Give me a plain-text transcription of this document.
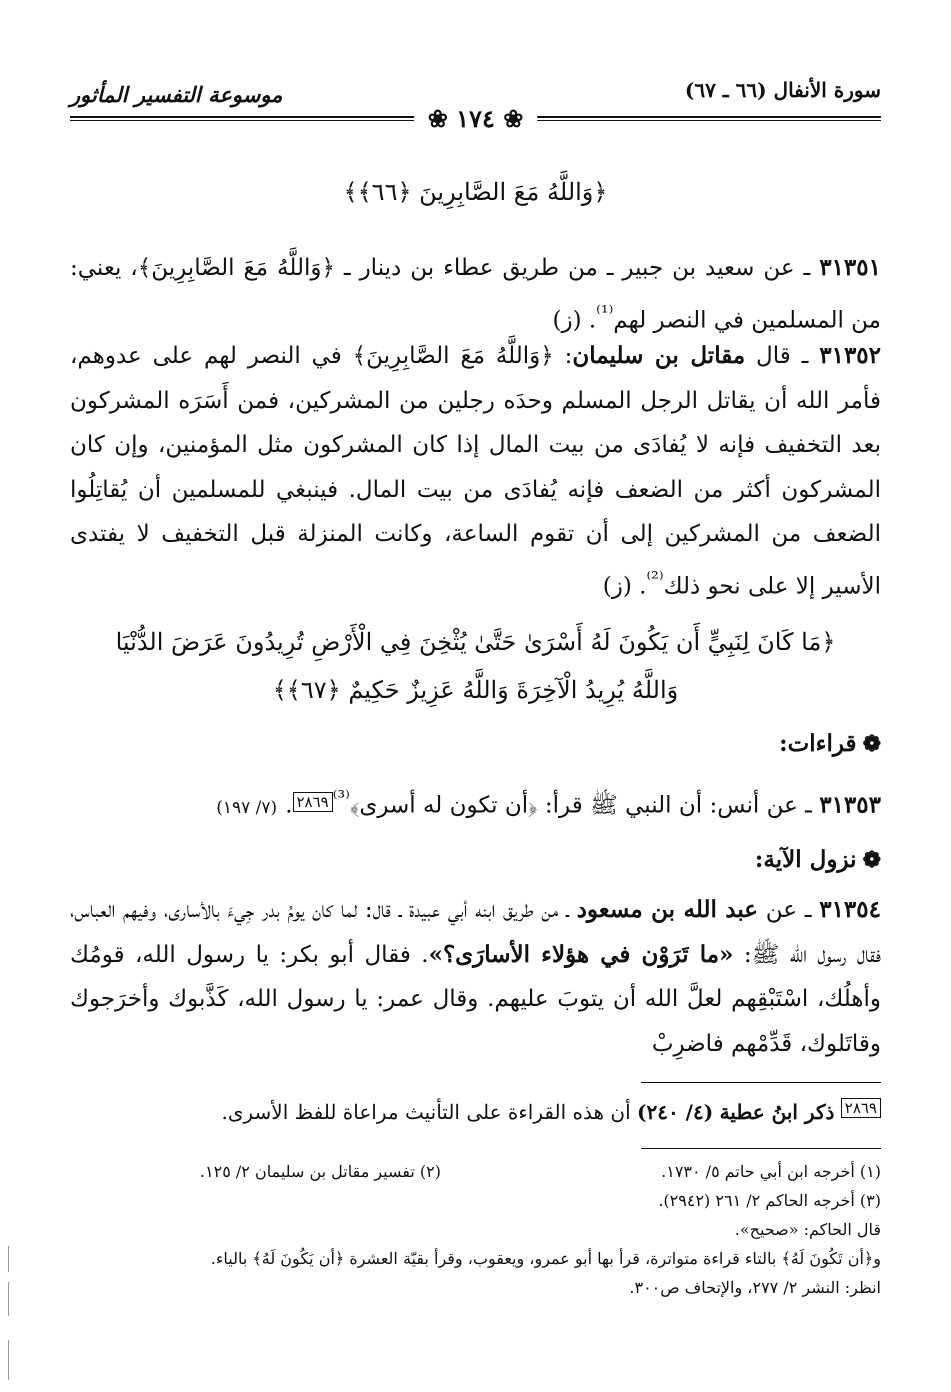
سورة الأنفال (٦٦ ـ ٦٧)
موسوعة التفسير المأثور
❀ ١٧٤ ❀
﴿وَاللَّهُ مَعَ الصَّابِرِينَ ﴿٦٦﴾﴾
٣١٣٥١ ـ عن سعيد بن جبير ـ من طريق عطاء بن دينار ـ ﴿وَاللَّهُ مَعَ الصَّابِرِينَ﴾، يعني: من المسلمين في النصر لهم$^{^{(1)}}$. (ز)
٣١٣٥٢ ـ قال مقاتل بن سليمان: ﴿وَاللَّهُ مَعَ الصَّابِرِينَ﴾ في النصر لهم على عدوهم، فأمر الله أن يقاتل الرجل المسلم وحدَه رجلين من المشركين، فمن أَسَرَه المشركون بعد التخفيف فإنه لا يُفادَى من بيت المال إذا كان المشركون مثل المؤمنين، وإن كان المشركون أكثر من الضعف فإنه يُفادَى من بيت المال. فينبغي للمسلمين أن يُقاتِلُوا الضعف من المشركين إلى أن تقوم الساعة، وكانت المنزلة قبل التخفيف لا يفتدى الأسير إلا على نحو ذلك$^{^{(2)}}$. (ز)
﴿مَا كَانَ لِنَبِيٍّ أَن يَكُونَ لَهُ أَسْرَىٰ حَتَّىٰ يُثْخِنَ فِي الْأَرْضِ تُرِيدُونَ عَرَضَ الدُّنْيَا
وَاللَّهُ يُرِيدُ الْآخِرَةَ وَاللَّهُ عَزِيزٌ حَكِيمٌ ﴿٦٧﴾﴾
❁قراءات:
٣١٣٥٣ ـ عن أنس: أن النبي ﷺ قرأ: ﴿أن تكون له أسرى﴾$^{^{(3)}٢٨٦٩}$.(٧/ ١٩٧)
❁نزول الآية:
٣١٣٥٤ ـ عن عبد الله بن مسعود ـ من طريق ابنه أبي عبيدة ـ قال: لما كان يومُ بدر جِيءَ بالأسارى، وفيهم العباس، فقال رسول الله ﷺ: «ما تَرَوْن في هؤلاء الأسارَى؟». فقال أبو بكر: يا رسول الله، قومُك وأهلُك، اسْتَبْقِهم لعلَّ الله أن يتوبَ عليهم. وقال عمر: يا رسول الله، كَذَّبوك وأخرَجوك وقاتَلوك، قَدِّمْهم فاضرِبْ
$^{٢٨٦٩}$ ذكر ابنُ عطية (٤/ ٢٤٠) أن هذه القراءة على التأنيث مراعاة للفظ الأسرى.
(١) أخرجه ابن أبي حاتم ٥/ ١٧٣٠.(٢) تفسير مقاتل بن سليمان ٢/ ١٢٥.
(٣) أخرجه الحاكم ٢/ ٢٦١ (٢٩٤٢).
قال الحاكم: «صحيح».
و﴿أن تَكُونَ لَهُ﴾ بالتاء قراءة متواترة، قرأ بها أبو عمرو، ويعقوب، وقرأ بقيّة العشرة ﴿أن يَكُونَ لَهُ﴾ بالياء.
انظر: النشر ٢/ ٢٧٧، والإتحاف ص٣٠٠.
